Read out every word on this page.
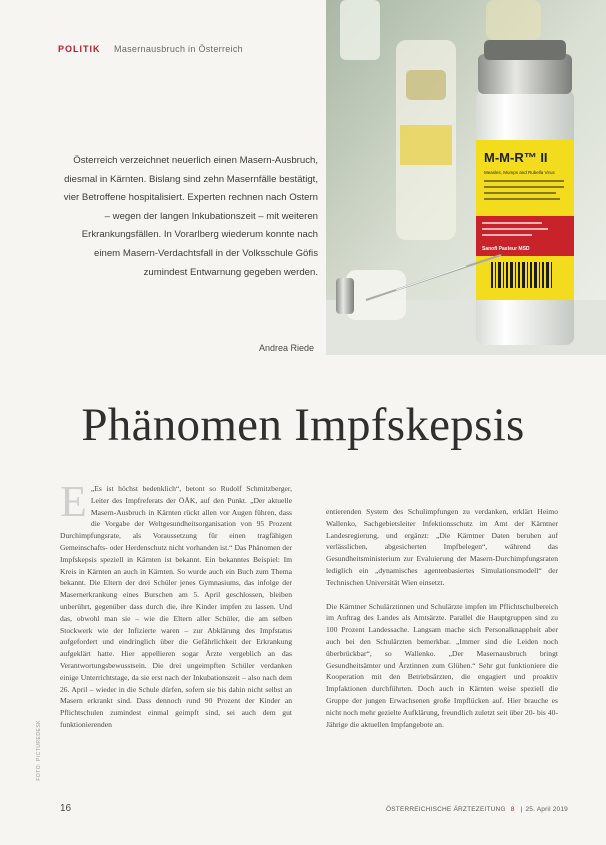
POLITIK Masernausbruch in Österreich
Österreich verzeichnet neuerlich einen Masern-Ausbruch, diesmal in Kärnten. Bislang sind zehn Masernfälle bestätigt, vier Betroffene hospitalisiert. Experten rechnen nach Ostern – wegen der langen Inkubationszeit – mit weiteren Erkrankungsfällen. In Vorarlberg wiederum konnte nach einem Masern-Verdachtsfall in der Volksschule Göfis zumindest Entwarnung gegeben werden.
Andrea Riede
M-M-R™ II
Measles, Mumps and Rubella Virus
Sanofi Pasteur MSD
Phänomen Impfskepsis
E „Es ist höchst bedenklich“, betont so Rudolf Schmitzberger, Leiter des Impfreferats der ÖÄK, auf den Punkt. „Der aktuelle Masern-Ausbruch in Kärnten rückt allen vor Augen führen, dass die Vorgabe der Weltgesundheitsorganisation von 95 Prozent Durchimpfungsrate, als Voraussetzung für einen tragfähigen Gemeinschafts- oder Herdenschutz nicht vorhanden ist.“ Das Phänomen der Impfskepsis speziell in Kärnten ist bekannt. Ein bekanntes Beispiel: Im Kreis in Kärnten an auch in Kärnten. So wurde auch ein Buch zum Thema bekannt. Die Eltern der drei Schüler jenes Gymnasiums, das infolge der Masernerkrankung eines Burschen am 5. April geschlossen, bleiben unberührt, gegenüber dass durch die, ihre Kinder impfen zu lassen. Und das, obwohl man sie – wie die Eltern aller Schüler, die am selben Stockwerk wie der Infizierte waren – zur Abklärung des Impfstatus aufgefordert und eindringlich über die Gefährlichkeit der Erkrankung aufgeklärt hatte. Hier appellieren sogar Ärzte vergeblich an das Verantwortungsbewusstsein. Die drei ungeimpften Schüler verdanken einige Unterrichtstage, da sie erst nach der Inkubationszeit – also nach dem 26. April – wieder in die Schule dürfen, sofern sie bis dahin nicht selbst an Masern erkrankt sind. Dass dennoch rund 90 Prozent der Kinder an Pflichtschulen zumindest einmal geimpft sind, sei auch dem gut funktionierenden

entierenden System des Schulimpfungen zu verdanken, erklärt Heimo Wallenko, Sachgebietsleiter Infektionsschutz im Amt der Kärntner Landesregierung, und ergänzt: „Die Kärntner Daten beruhen auf verlässlichen, abgesicherten Impfbelegen“, während das Gesundheitsministerium zur Evaluierung der Masern-Durchimpfungsraten lediglich ein „dynamisches agentenbasiertes Simulationsmodell“ der Technischen Universität Wien einsetzt.

Die Kärntner Schulärztinnen und Schulärzte impfen im Pflichtschulbereich im Auftrag des Landes als Amtsärzte. Parallel die Hauptgruppen sind zu 100 Prozent Landessache. Langsam mache sich Personalknappheit aber auch bei den Schulärzten bemerkbar. „Immer sind die Leiden noch überbrückbar“, so Wallenko. „Der Masernausbruch bringt Gesundheitsämter und Ärztinnen zum Glühen.“ Sehr gut funktioniere die Kooperation mit den Betriebsärzten, die engagiert und proaktiv Impfaktionen durchführten. Doch auch in Kärnten weise speziell die Gruppe der jungen Erwachsenen große Impflücken auf. Hier brauche es nicht noch mehr gezielte Aufklärung, freundlich zuletzt seit über 20- bis 40-Jährige die aktuellen Impfangebote an.

FOTO: PICTUREDESK
16	ÖSTERREICHISCHE ÄRZTEZEITUNG 8 | 25. April 2019
